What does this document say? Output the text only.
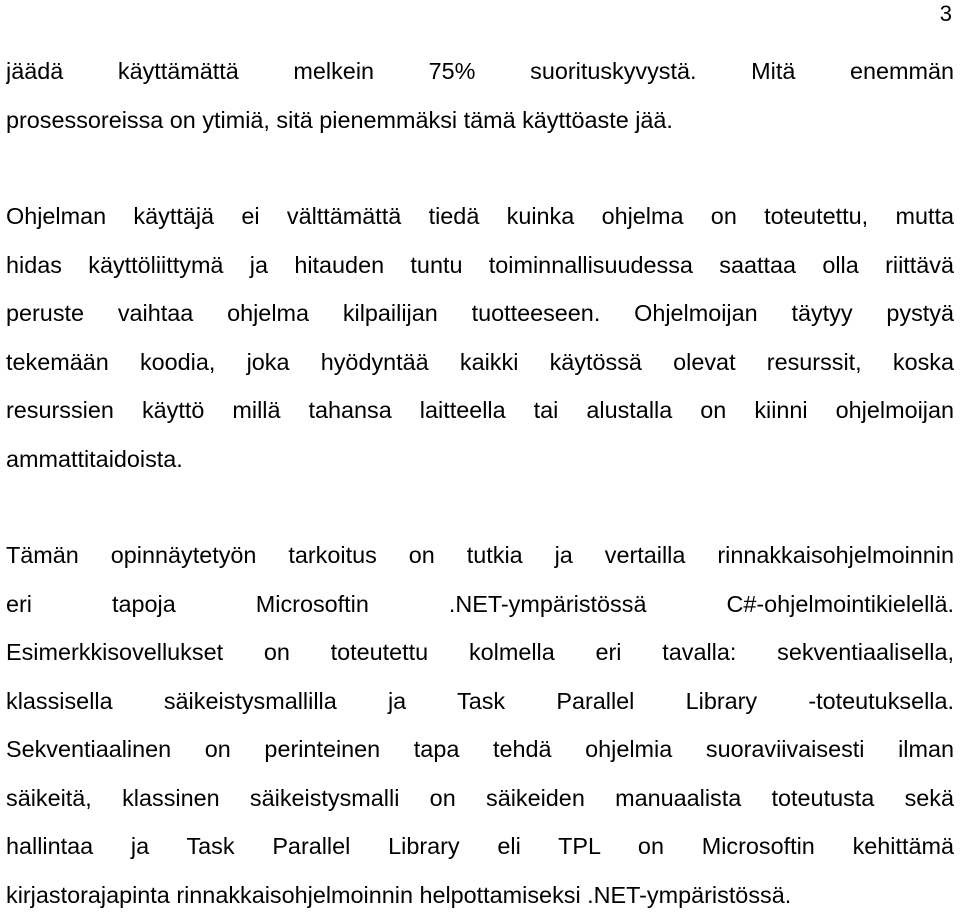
3
jäädä käyttämättä melkein 75% suorituskyvystä. Mitä enemmän
prosessoreissa on ytimiä, sitä pienemmäksi tämä käyttöaste jää.
Ohjelman käyttäjä ei välttämättä tiedä kuinka ohjelma on toteutettu, mutta
hidas käyttöliittymä ja hitauden tuntu toiminnallisuudessa saattaa olla riittävä
peruste vaihtaa ohjelma kilpailijan tuotteeseen. Ohjelmoijan täytyy pystyä
tekemään koodia, joka hyödyntää kaikki käytössä olevat resurssit, koska
resurssien käyttö millä tahansa laitteella tai alustalla on kiinni ohjelmoijan
ammattitaidoista.
Tämän opinnäytetyön tarkoitus on tutkia ja vertailla rinnakkaisohjelmoinnin
eri tapoja Microsoftin .NET-ympäristössä C#-ohjelmointikielellä.
Esimerkkisovellukset on toteutettu kolmella eri tavalla: sekventiaalisella,
klassisella säikeistysmallilla ja Task Parallel Library -toteutuksella.
Sekventiaalinen on perinteinen tapa tehdä ohjelmia suoraviivaisesti ilman
säikeitä, klassinen säikeistysmalli on säikeiden manuaalista toteutusta sekä
hallintaa ja Task Parallel Library eli TPL on Microsoftin kehittämä
kirjastorajapinta rinnakkaisohjelmoinnin helpottamiseksi .NET-ympäristössä.
